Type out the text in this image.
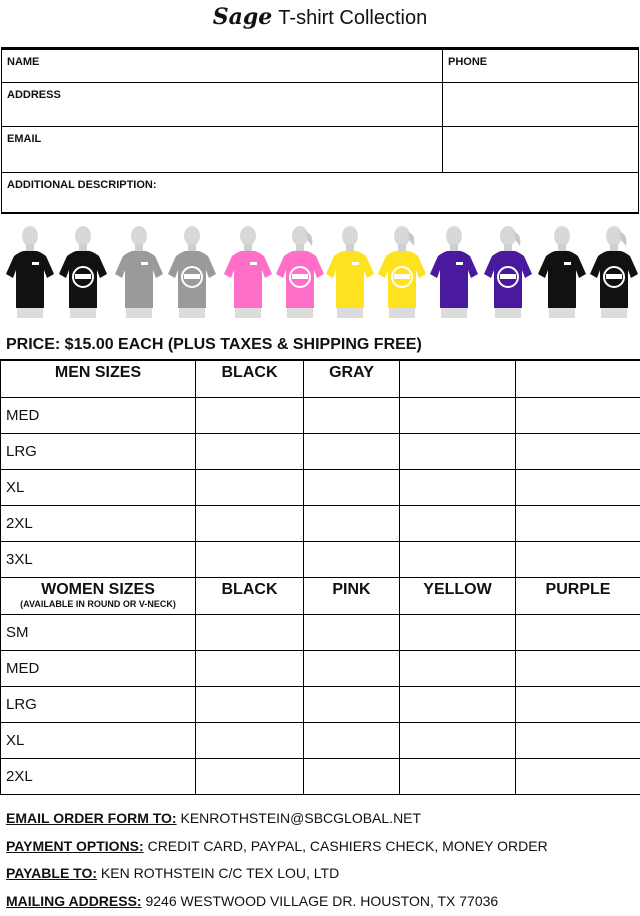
Sage T-shirt Collection
NAME	PHONE
ADDRESS
EMAIL
ADDITIONAL DESCRIPTION:
PRICE: $15.00 EACH (PLUS TAXES & SHIPPING FREE)
MEN SIZES	BLACK	GRAY		
MED				
LRG				
XL				
2XL				
3XL				
WOMEN SIZES
(AVAILABLE IN ROUND OR V-NECK)	BLACK	PINK	YELLOW	PURPLE
SM				
MED				
LRG				
XL				
2XL				
EMAIL ORDER FORM TO: KENROTHSTEIN@SBCGLOBAL.NET
PAYMENT OPTIONS: CREDIT CARD, PAYPAL, CASHIERS CHECK, MONEY ORDER
PAYABLE TO: KEN ROTHSTEIN C/C TEX LOU, LTD
MAILING ADDRESS: 9246 WESTWOOD VILLAGE DR. HOUSTON, TX 77036
